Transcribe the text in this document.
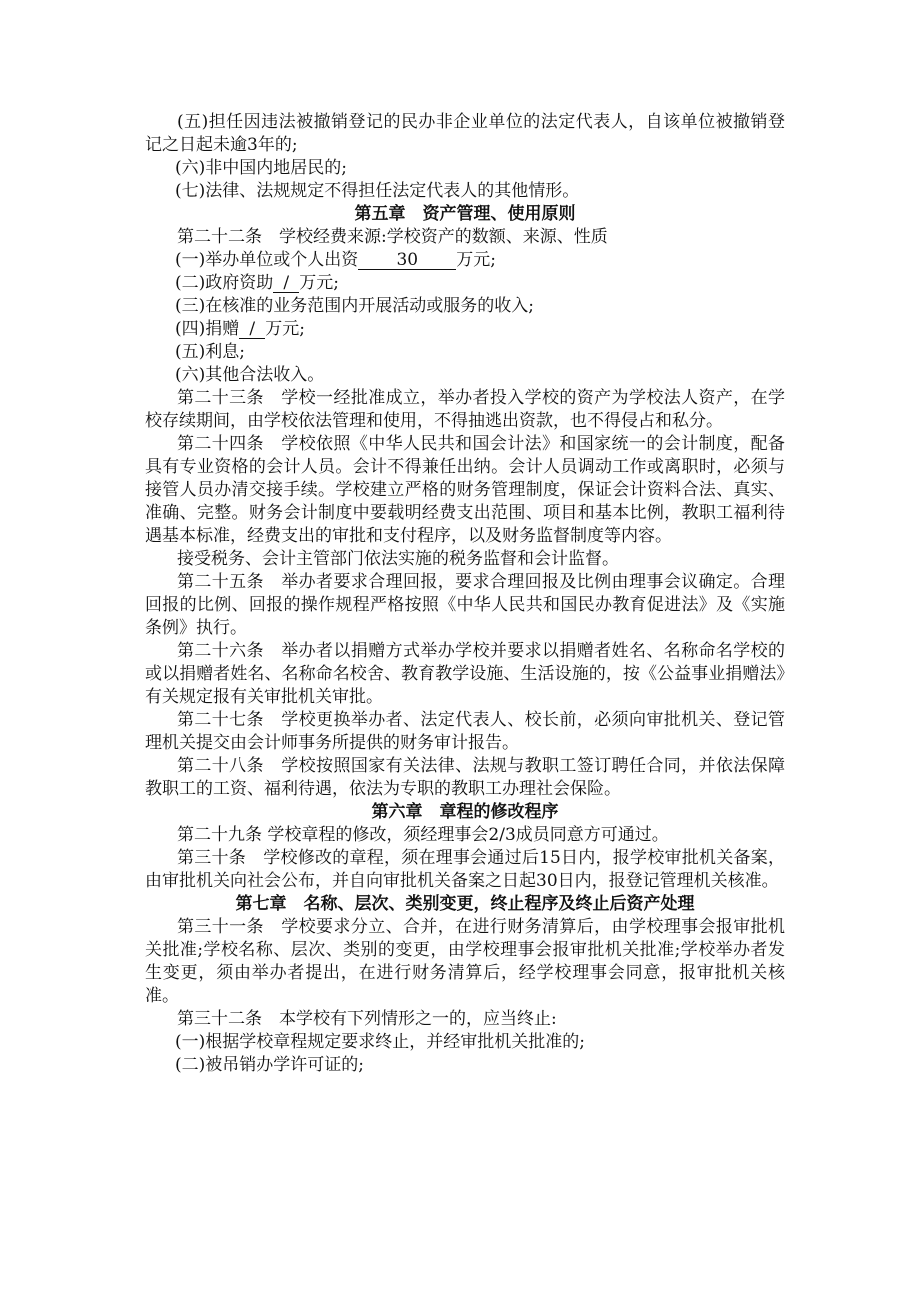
(五)担任因违法被撤销登记的民办非企业单位的法定代表人，自该单位被撤销登记之日起未逾3年的;

(六)非中国内地居民的;

(七)法律、法规规定不得担任法定代表人的其他情形。

第五章　资产管理、使用原则

第二十二条　学校经费来源:学校资产的数额、来源、性质

(一)举办单位或个人出资 30 万元;

(二)政府资助 / 万元;

(三)在核准的业务范围内开展活动或服务的收入;

(四)捐赠 / 万元;

(五)利息;

(六)其他合法收入。

第二十三条　学校一经批准成立，举办者投入学校的资产为学校法人资产，在学校存续期间，由学校依法管理和使用，不得抽逃出资款，也不得侵占和私分。

第二十四条　学校依照《中华人民共和国会计法》和国家统一的会计制度，配备具有专业资格的会计人员。会计不得兼任出纳。会计人员调动工作或离职时，必须与接管人员办清交接手续。学校建立严格的财务管理制度，保证会计资料合法、真实、准确、完整。财务会计制度中要载明经费支出范围、项目和基本比例，教职工福利待遇基本标准，经费支出的审批和支付程序，以及财务监督制度等内容。

接受税务、会计主管部门依法实施的税务监督和会计监督。

第二十五条　举办者要求合理回报，要求合理回报及比例由理事会议确定。合理回报的比例、回报的操作规程严格按照《中华人民共和国民办教育促进法》及《实施条例》执行。

第二十六条　举办者以捐赠方式举办学校并要求以捐赠者姓名、名称命名学校的或以捐赠者姓名、名称命名校舍、教育教学设施、生活设施的，按《公益事业捐赠法》有关规定报有关审批机关审批。

第二十七条　学校更换举办者、法定代表人、校长前，必须向审批机关、登记管理机关提交由会计师事务所提供的财务审计报告。

第二十八条　学校按照国家有关法律、法规与教职工签订聘任合同，并依法保障教职工的工资、福利待遇，依法为专职的教职工办理社会保险。

第六章　章程的修改程序

第二十九条 学校章程的修改，须经理事会2/3成员同意方可通过。

第三十条　学校修改的章程，须在理事会通过后15日内，报学校审批机关备案，由审批机关向社会公布，并自向审批机关备案之日起30日内，报登记管理机关核准。

第七章　名称、层次、类别变更，终止程序及终止后资产处理

第三十一条　学校要求分立、合并，在进行财务清算后，由学校理事会报审批机关批准;学校名称、层次、类别的变更，由学校理事会报审批机关批准;学校举办者发生变更，须由举办者提出，在进行财务清算后，经学校理事会同意，报审批机关核准。

第三十二条　本学校有下列情形之一的，应当终止:

(一)根据学校章程规定要求终止，并经审批机关批准的;

(二)被吊销办学许可证的;
